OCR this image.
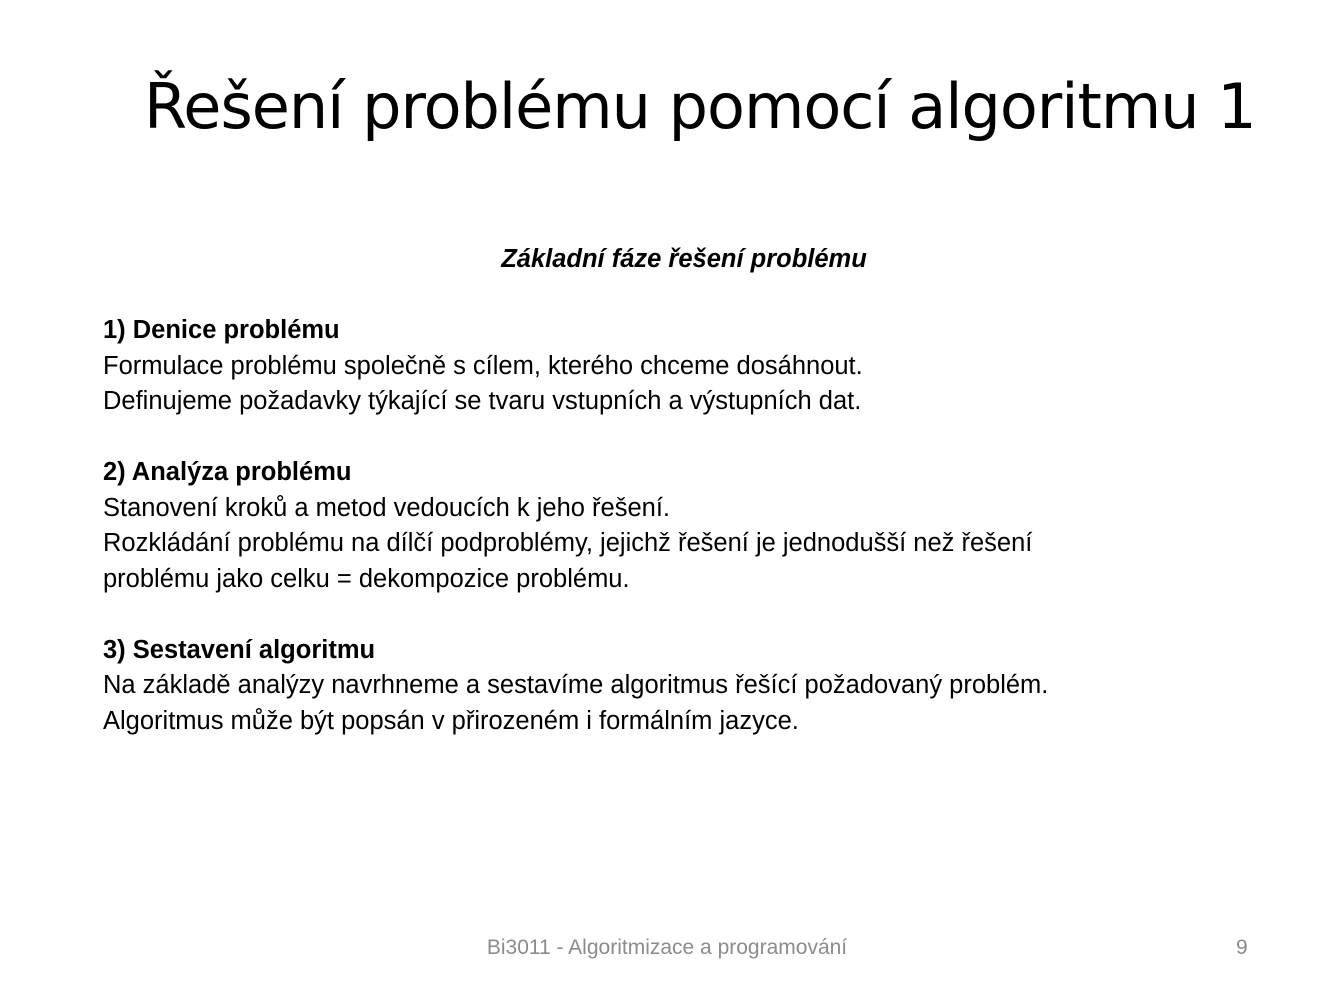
Řešení problému pomocí algoritmu 1
Základní fáze řešení problému
1) Denice problému
Formulace problému společně s cílem, kterého chceme dosáhnout.
Definujeme požadavky týkající se tvaru vstupních a výstupních dat.
2) Analýza problému
Stanovení kroků a metod vedoucích k jeho řešení.
Rozkládání problému na dílčí podproblémy, jejichž řešení je jednodušší než řešení
problému jako celku = dekompozice problému.
3) Sestavení algoritmu
Na základě analýzy navrhneme a sestavíme algoritmus řešící požadovaný problém.
Algoritmus může být popsán v přirozeném i formálním jazyce.
Bi3011 - Algoritmizace a programování	9
